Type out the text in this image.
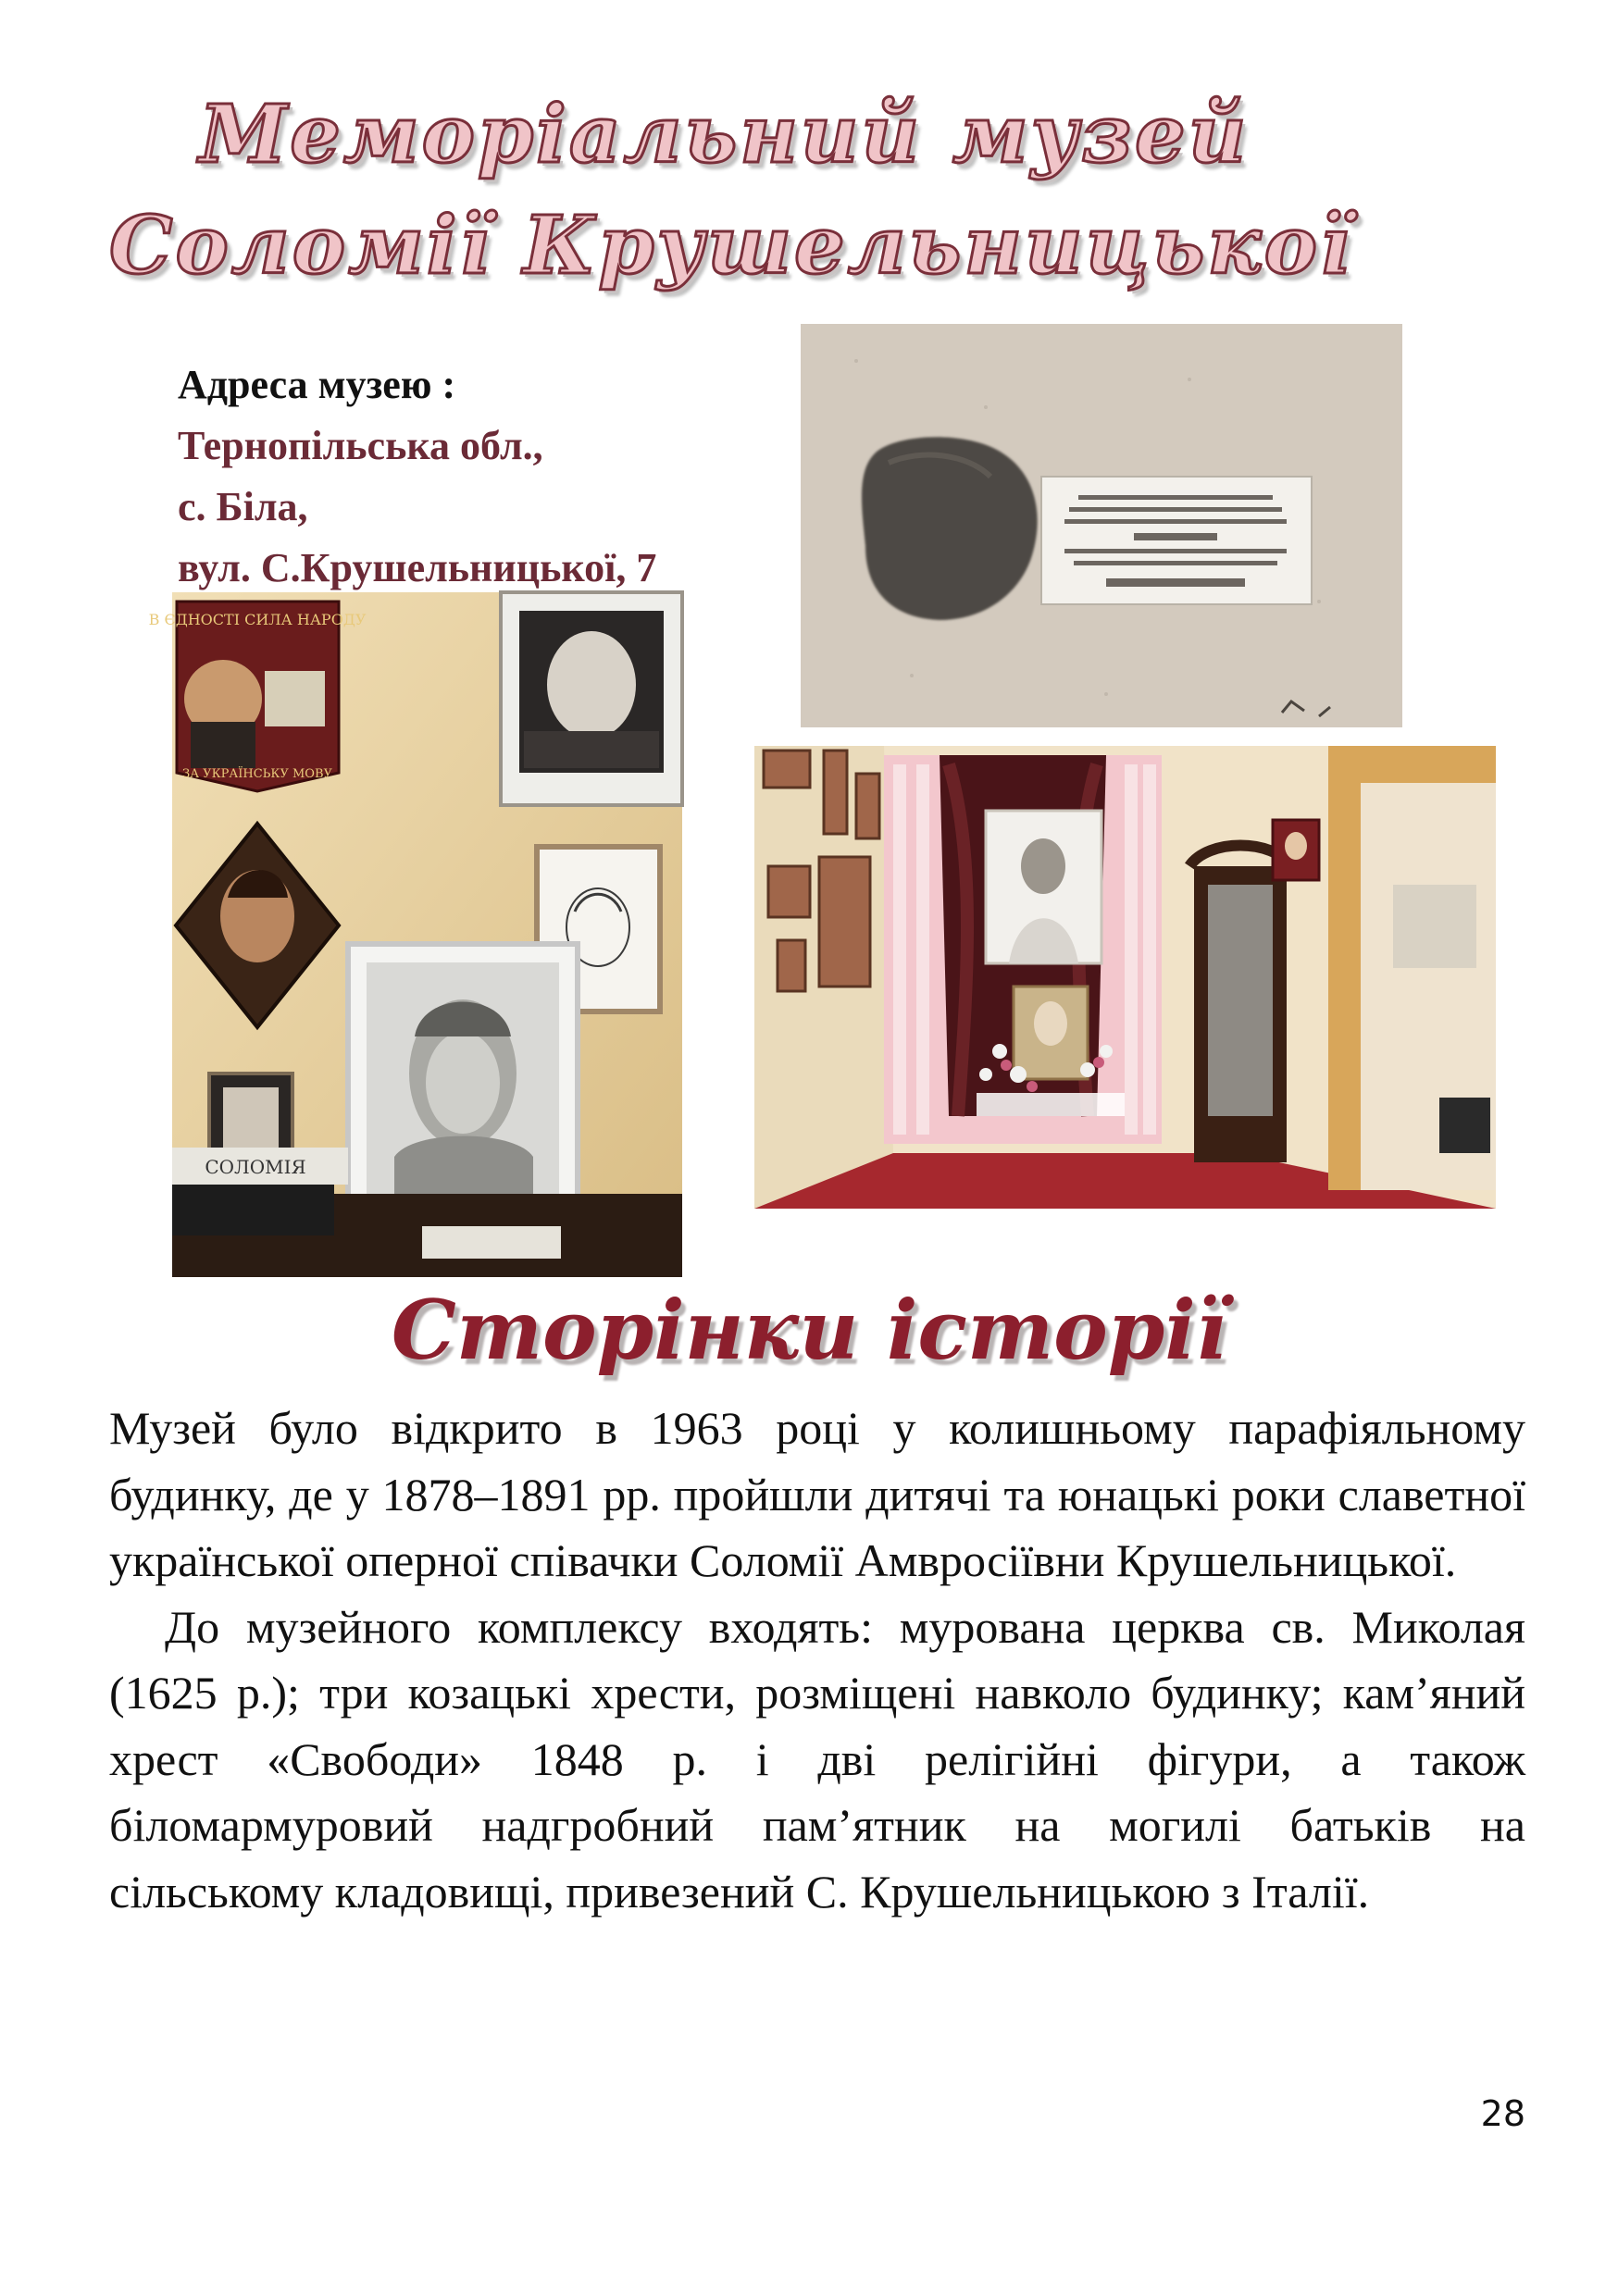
Меморіальний музей
Соломії Крушельницької
Адреса музею :
Тернопільська обл.,
с. Біла,
вул. С.Крушельницької, 7
В ЄДНОСТІ СИЛА НАРОДУ
ЗА УКРАЇНСЬКУ МОВУ
СОЛОМІЯ
Сторінки історії

Музей було відкрито в 1963 році у колишньому парафіяльному будинку, де у 1878–1891 рр. пройшли дитячі та юнацькі роки славетної української оперної співачки Соломії Амвросіївни Крушельницької.

До музейного комплексу входять: мурована церква св. Миколая (1625 р.); три козацькі хрести, розміщені навколо будинку; кам’яний хрест «Свободи» 1848 р. і дві релігійні фігури, а також біломармуровий надгробний пам’ятник на могилі батьків на сільському кладовищі, привезений С. Крушельницькою з Італії.

28
